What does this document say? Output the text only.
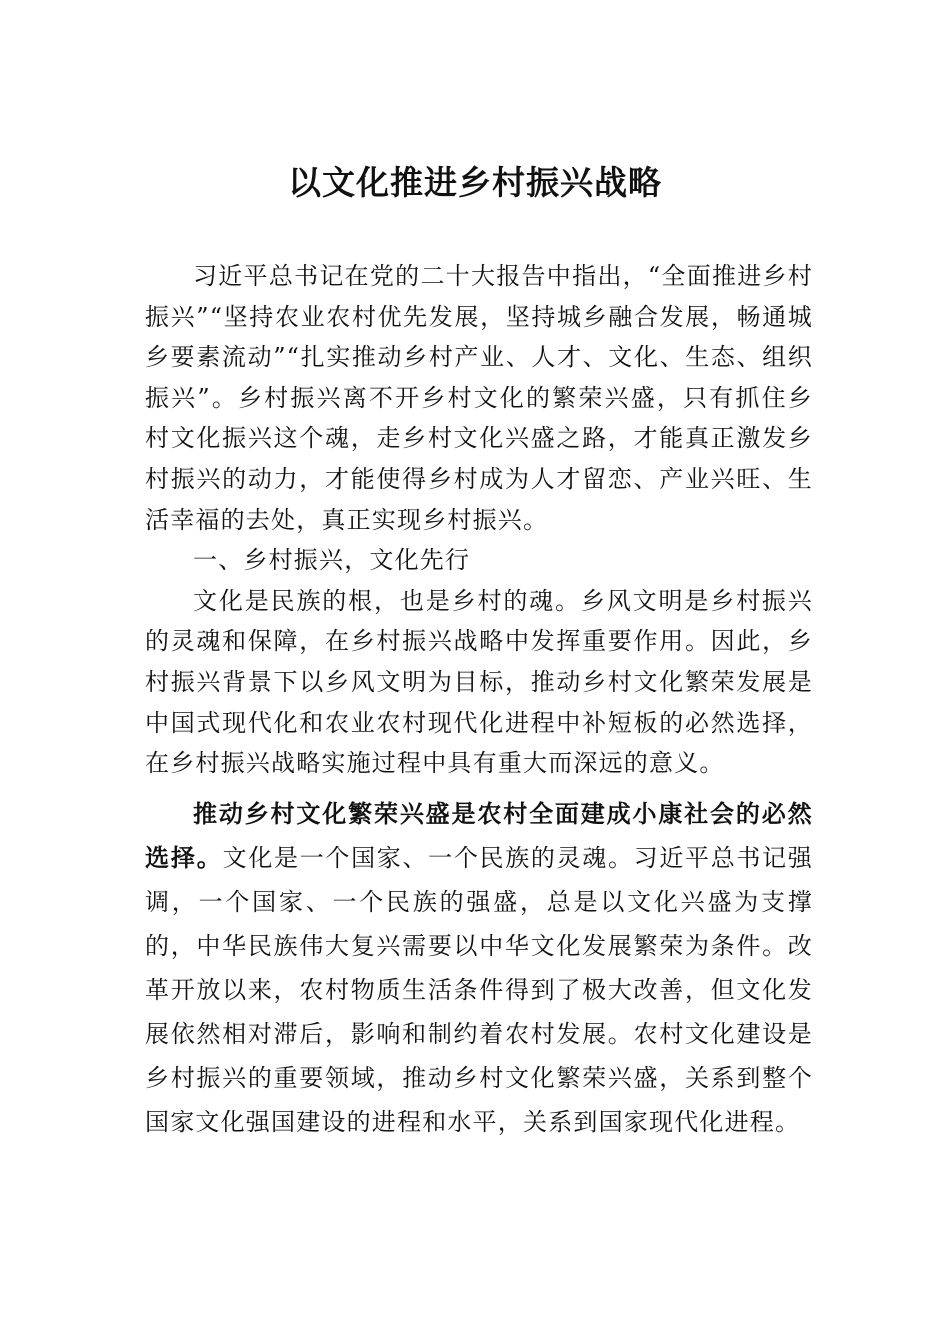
以文化推进乡村振兴战略

习近平总书记在党的二十大报告中指出，“全面推进乡村振兴”“坚持农业农村优先发展，坚持城乡融合发展，畅通城乡要素流动”“扎实推动乡村产业、人才、文化、生态、组织振兴”。乡村振兴离不开乡村文化的繁荣兴盛，只有抓住乡村文化振兴这个魂，走乡村文化兴盛之路，才能真正激发乡村振兴的动力，才能使得乡村成为人才留恋、产业兴旺、生活幸福的去处，真正实现乡村振兴。

一、乡村振兴，文化先行

文化是民族的根，也是乡村的魂。乡风文明是乡村振兴的灵魂和保障，在乡村振兴战略中发挥重要作用。因此，乡村振兴背景下以乡风文明为目标，推动乡村文化繁荣发展是中国式现代化和农业农村现代化进程中补短板的必然选择， 在乡村振兴战略实施过程中具有重大而深远的意义。

推动乡村文化繁荣兴盛是农村全面建成小康社会的必然选择。文化是一个国家、一个民族的灵魂。习近平总书记强调，一个国家、一个民族的强盛，总是以文化兴盛为支撑的，中华民族伟大复兴需要以中华文化发展繁荣为条件。改革开放以来，农村物质生活条件得到了极大改善，但文化发展依然相对滞后，影响和制约着农村发展。农村文化建设是乡村振兴的重要领域，推动乡村文化繁荣兴盛，关系到整个国家文化强国建设的进程和水平，关系到国家现代化进程。
